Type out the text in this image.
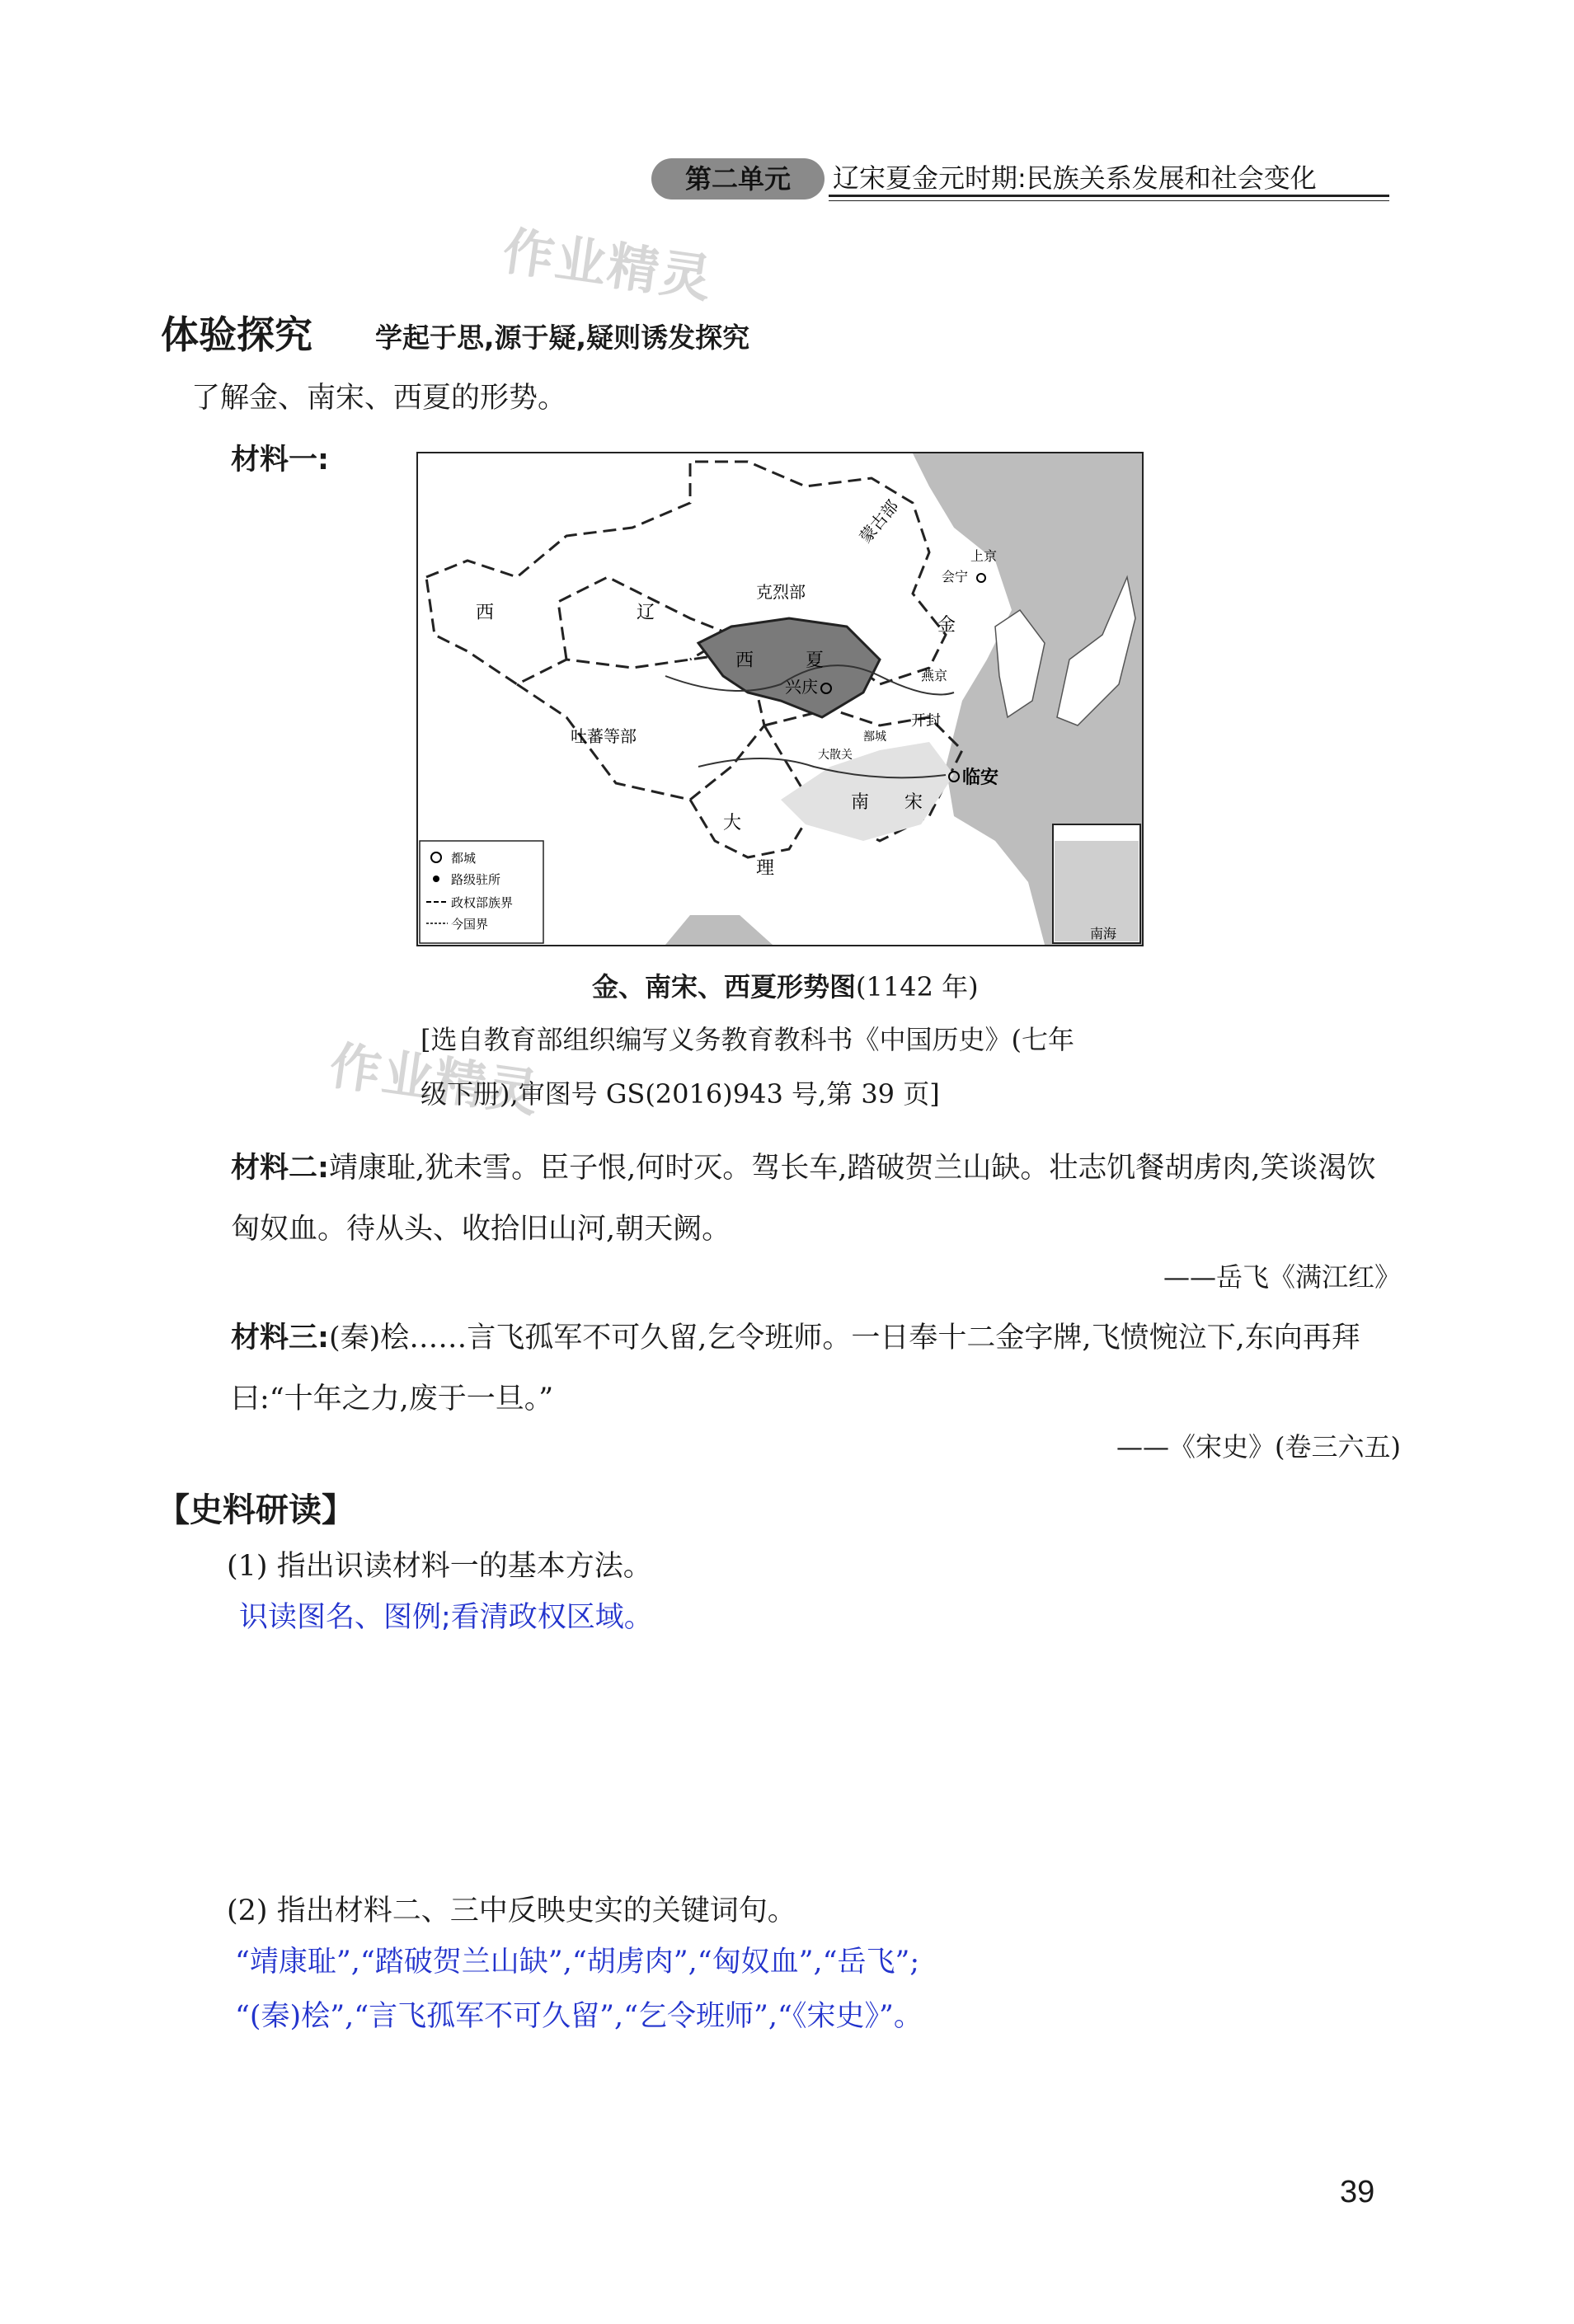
第二单元	辽宋夏金元时期:民族关系发展和社会变化
作业精灵
作业精灵
体验探究 学起于思,源于疑,疑则诱发探究
了解金、南宋、西夏的形势。
材料一:
西	辽
克烈部
蒙古部
西	夏
金
吐蕃等部
大
理
南 宋
上京
会宁
燕京
兴庆
开封
临安
大散关
鄯城
南海
都城
路级驻所
政权部族界
今国界
金、南宋、西夏形势图(1142 年)
[选自教育部组织编写义务教育教科书《中国历史》(七年
级下册),审图号 GS(2016)943 号,第 39 页]
材料二:靖康耻,犹未雪。臣子恨,何时灭。驾长车,踏破贺兰山缺。壮志饥餐胡虏肉,笑谈渴饮匈奴血。待从头、收拾旧山河,朝天阙。
——岳飞《满江红》
材料三:(秦)桧……言飞孤军不可久留,乞令班师。一日奉十二金字牌,飞愤惋泣下,东向再拜曰:“十年之力,废于一旦。”
——《宋史》(卷三六五)
【史料研读】
(1) 指出识读材料一的基本方法。
识读图名、图例;看清政权区域。
(2) 指出材料二、三中反映史实的关键词句。
“靖康耻”,“踏破贺兰山缺”,“胡虏肉”,“匈奴血”,“岳飞”;
“(秦)桧”,“言飞孤军不可久留”,“乞令班师”,“《宋史》”。
39
